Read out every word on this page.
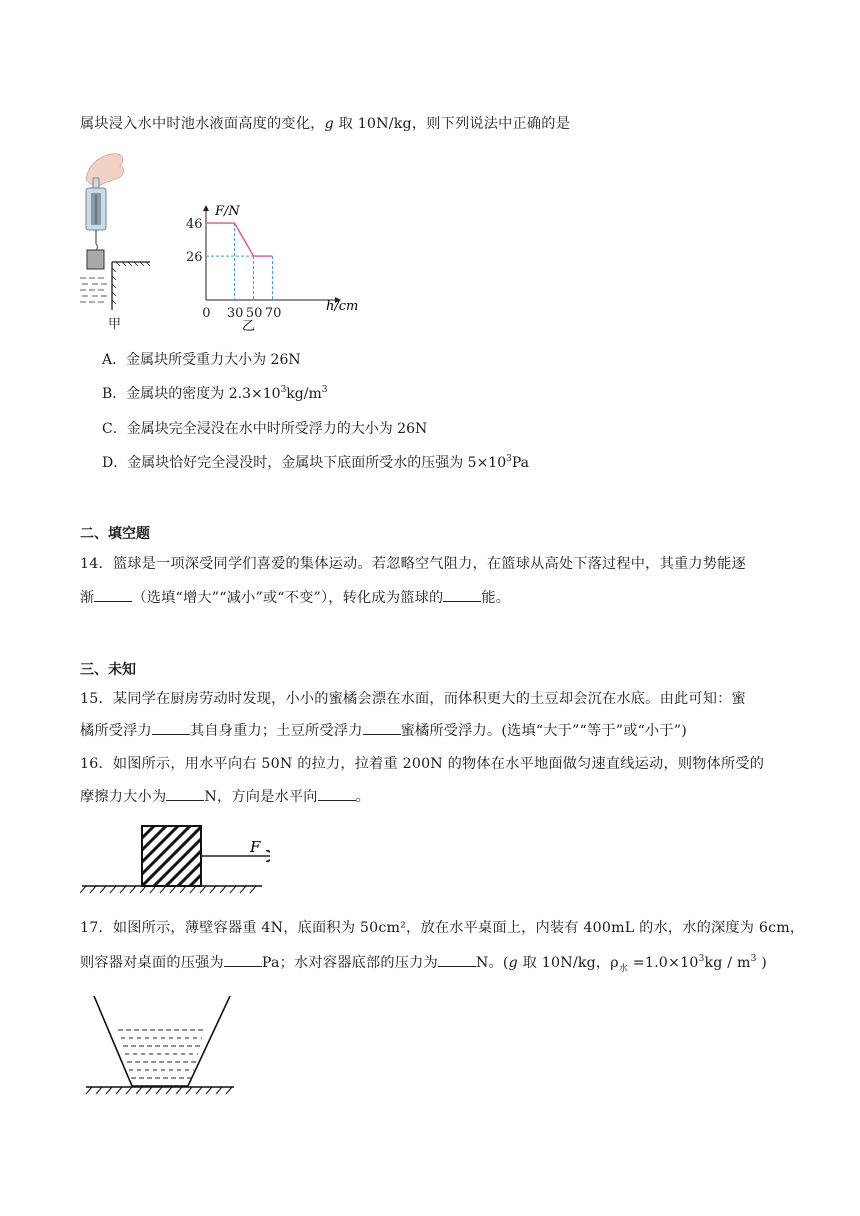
属块浸入水中时池水液面高度的变化，g 取 10N/kg，则下列说法中正确的是
甲
0 30 50 70
46
26
F/N
h/cm
乙
A．金属块所受重力大小为 26N
B．金属块的密度为 $2.3\times 10^3kg/m^3$
C．金属块完全浸没在水中时所受浮力的大小为 26N
D．金属块恰好完全浸没时，金属块下底面所受水的压强为 $5\times 10^3Pa$
二、填空题
14．篮球是一项深受同学们喜爱的集体运动。若忽略空气阻力，在篮球从高处下落过程中，其重力势能逐
渐	（选填“增大”“减小”或“不变”），转化成为篮球的	能。
三、未知
15．某同学在厨房劳动时发现，小小的蜜橘会漂在水面，而体积更大的土豆却会沉在水底。由此可知：蜜
橘所受浮力	其自身重力；土豆所受浮力	蜜橘所受浮力。(选填“大于”“等于”或“小于”)
16．如图所示，用水平向右 50N 的拉力，拉着重 200N 的物体在水平地面做匀速直线运动，则物体所受的
摩擦力大小为	N，方向是水平向	。
F
17．如图所示，薄壁容器重 4N，底面积为 50cm²，放在水平桌面上，内装有 400mL 的水，水的深度为 6cm，
则容器对桌面的压强为	Pa；水对容器底部的压力为	N。(g 取 10N/kg，$\rho_水 =1.0\times 10^3kg / m^3$ )
